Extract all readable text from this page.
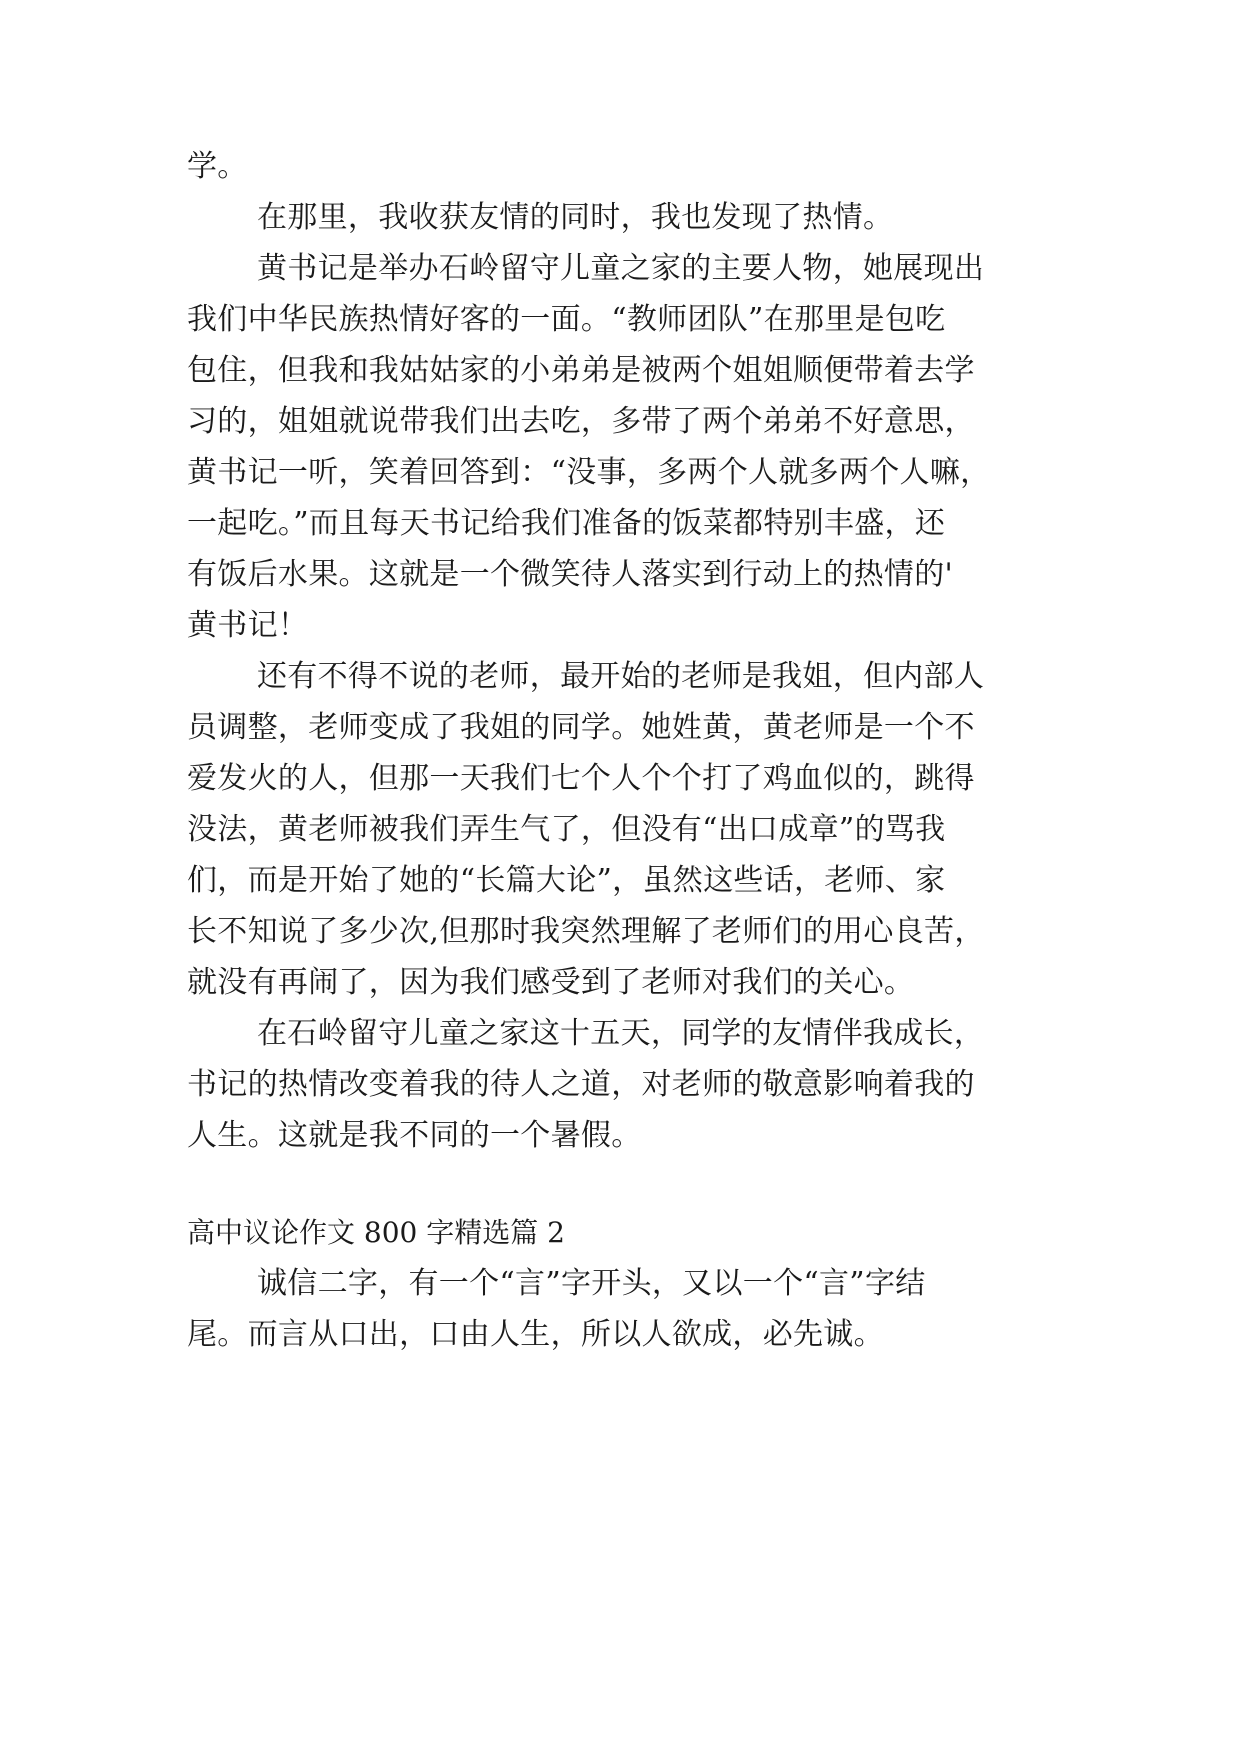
学。
在那里，我收获友情的同时，我也发现了热情。
黄书记是举办石岭留守儿童之家的主要人物，她展现出
我们中华民族热情好客的一面。“教师团队”在那里是包吃
包住，但我和我姑姑家的小弟弟是被两个姐姐顺便带着去学
习的，姐姐就说带我们出去吃，多带了两个弟弟不好意思，
黄书记一听，笑着回答到：“没事，多两个人就多两个人嘛，
一起吃。”而且每天书记给我们准备的饭菜都特别丰盛，还
有饭后水果。这就是一个微笑待人落实到行动上的热情的'
黄书记！
还有不得不说的老师，最开始的老师是我姐，但内部人
员调整，老师变成了我姐的同学。她姓黄，黄老师是一个不
爱发火的人，但那一天我们七个人个个打了鸡血似的，跳得
没法，黄老师被我们弄生气了，但没有“出口成章”的骂我
们，而是开始了她的“长篇大论”，虽然这些话，老师、家
长不知说了多少次,但那时我突然理解了老师们的用心良苦，
就没有再闹了，因为我们感受到了老师对我们的关心。
在石岭留守儿童之家这十五天，同学的友情伴我成长，
书记的热情改变着我的待人之道，对老师的敬意影响着我的
人生。这就是我不同的一个暑假。
高中议论作文 800 字精选篇 2
诚信二字，有一个“言”字开头，又以一个“言”字结
尾。而言从口出，口由人生，所以人欲成，必先诚。
